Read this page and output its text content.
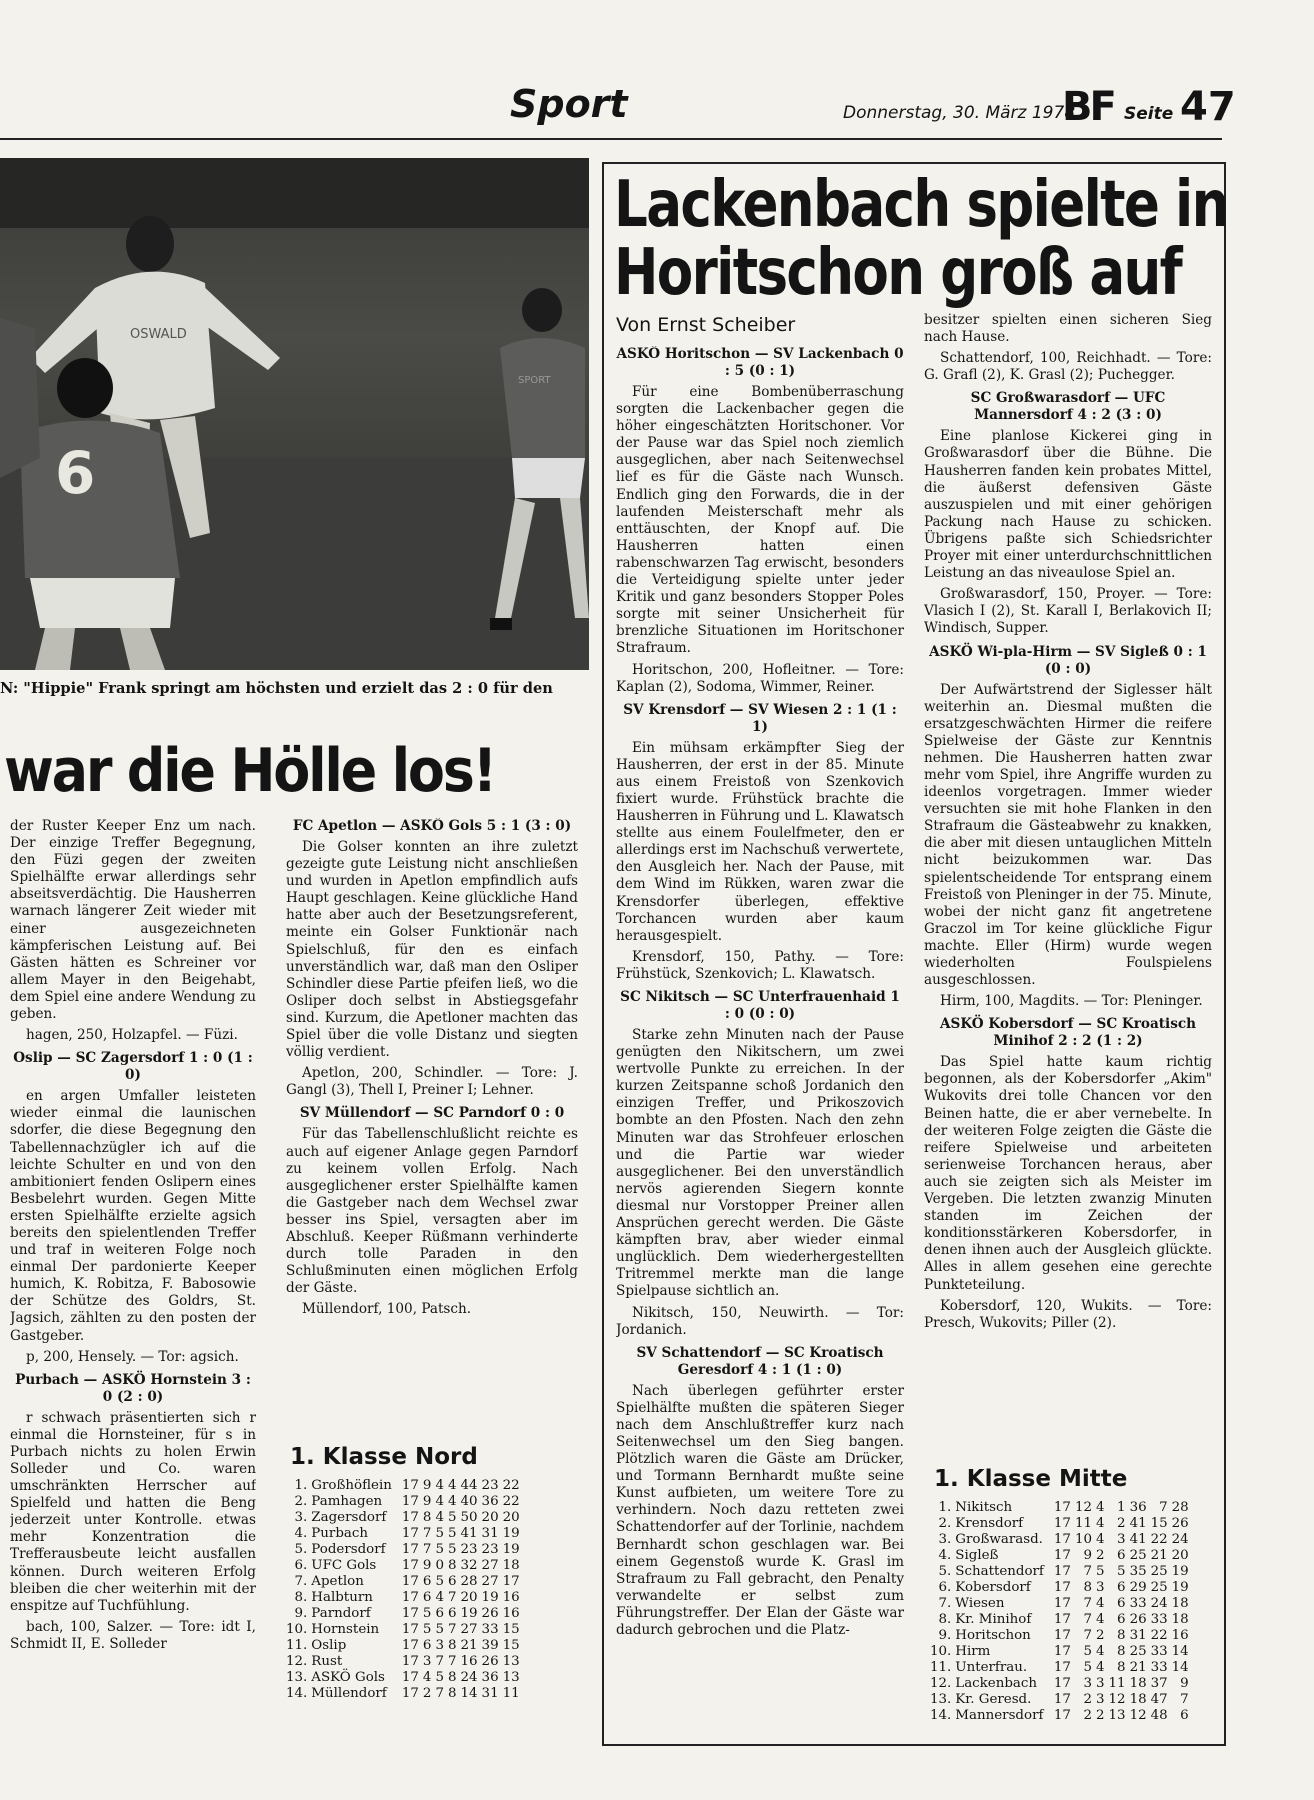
Sport	Donnerstag, 30. März 1978
BF Seite 47
OSWALD
6
SPORT
N: "Hippie" Frank springt am höchsten und erzielt das 2 : 0 für den
war die Hölle los!

der Ruster Keeper Enz um nach. Der einzige Treffer Begegnung, den Füzi gegen der zweiten Spielhälfte erwar allerdings sehr abseitsverdächtig. Die Hausherren warnach längerer Zeit wieder mit einer ausgezeichneten kämpferischen Leistung auf. Bei Gästen hätten es Schreiner vor allem Mayer in den Beigehabt, dem Spiel eine andere Wendung zu geben.

hagen, 250, Holzapfel. — Füzi.

Oslip — SC Zagersdorf 1 : 0 (1 : 0)

en argen Umfaller leisteten wieder einmal die launischen sdorfer, die diese Begegnung den Tabellennachzügler ich auf die leichte Schulter en und von den ambitioniert fenden Oslipern eines Besbelehrt wurden. Gegen Mitte ersten Spielhälfte erzielte agsich bereits den spielentlenden Treffer und traf in weiteren Folge noch einmal Der pardonierte Keeper humich, K. Robitza, F. Babosowie der Schütze des Goldrs, St. Jagsich, zählten zu den posten der Gastgeber.

p, 200, Hensely. — Tor: agsich.

Purbach — ASKÖ Hornstein 3 : 0 (2 : 0)

r schwach präsentierten sich r einmal die Hornsteiner, für s in Purbach nichts zu holen Erwin Solleder und Co. waren umschränkten Herrscher auf Spielfeld und hatten die Beng jederzeit unter Kontrolle. etwas mehr Konzentration die Trefferausbeute leicht ausfallen können. Durch weiteren Erfolg bleiben die cher weiterhin mit der enspitze auf Tuchfühlung.

bach, 100, Salzer. — Tore: idt I, Schmidt II, E. Solleder

FC Apetlon — ASKÖ Gols 5 : 1 (3 : 0)

Die Golser konnten an ihre zuletzt gezeigte gute Leistung nicht anschließen und wurden in Apetlon empfindlich aufs Haupt geschlagen. Keine glückliche Hand hatte aber auch der Besetzungsreferent, meinte ein Golser Funktionär nach Spielschluß, für den es einfach unverständlich war, daß man den Osliper Schindler diese Partie pfeifen ließ, wo die Osliper doch selbst in Abstiegsgefahr sind. Kurzum, die Apetloner machten das Spiel über die volle Distanz und siegten völlig verdient.

Apetlon, 200, Schindler. — Tore: J. Gangl (3), Thell I, Preiner I; Lehner.

SV Müllendorf — SC Parndorf 0 : 0

Für das Tabellenschlußlicht reichte es auch auf eigener Anlage gegen Parndorf zu keinem vollen Erfolg. Nach ausgeglichener erster Spielhälfte kamen die Gastgeber nach dem Wechsel zwar besser ins Spiel, versagten aber im Abschluß. Keeper Rüßmann verhinderte durch tolle Paraden in den Schlußminuten einen möglichen Erfolg der Gäste.

Müllendorf, 100, Patsch.

1. Klasse Nord
1.	Großhöflein	17	9	4	4	44	23	22
2.	Pamhagen	17	9	4	4	40	36	22
3.	Zagersdorf	17	8	4	5	50	20	20
4.	Purbach	17	7	5	5	41	31	19
5.	Podersdorf	17	7	5	5	23	23	19
6.	UFC Gols	17	9	0	8	32	27	18
7.	Apetlon	17	6	5	6	28	27	17
8.	Halbturn	17	6	4	7	20	19	16
9.	Parndorf	17	5	6	6	19	26	16
10.	Hornstein	17	5	5	7	27	33	15
11.	Oslip	17	6	3	8	21	39	15
12.	Rust	17	3	7	7	16	26	13
13.	ASKÖ Gols	17	4	5	8	24	36	13
14.	Müllendorf	17	2	7	8	14	31	11
Lackenbach spielte in
Horitschon groß auf
Von Ernst Scheiber
ASKÖ Horitschon — SV Lackenbach 0 : 5 (0 : 1)

Für eine Bombenüberraschung sorgten die Lackenbacher gegen die höher eingeschätzten Horitschoner. Vor der Pause war das Spiel noch ziemlich ausgeglichen, aber nach Seitenwechsel lief es für die Gäste nach Wunsch. Endlich ging den Forwards, die in der laufenden Meisterschaft mehr als enttäuschten, der Knopf auf. Die Hausherren hatten einen rabenschwarzen Tag erwischt, besonders die Verteidigung spielte unter jeder Kritik und ganz besonders Stopper Poles sorgte mit seiner Unsicherheit für brenzliche Situationen im Horitschoner Strafraum.

Horitschon, 200, Hofleitner. — Tore: Kaplan (2), Sodoma, Wimmer, Reiner.

SV Krensdorf — SV Wiesen 2 : 1 (1 : 1)

Ein mühsam erkämpfter Sieg der Hausherren, der erst in der 85. Minute aus einem Freistoß von Szenkovich fixiert wurde. Frühstück brachte die Hausherren in Führung und L. Klawatsch stellte aus einem Foulelfmeter, den er allerdings erst im Nachschuß verwertete, den Ausgleich her. Nach der Pause, mit dem Wind im Rükken, waren zwar die Krensdorfer überlegen, effektive Torchancen wurden aber kaum herausgespielt.

Krensdorf, 150, Pathy. — Tore: Frühstück, Szenkovich; L. Klawatsch.

SC Nikitsch — SC Unterfrauenhaid 1 : 0 (0 : 0)

Starke zehn Minuten nach der Pause genügten den Nikitschern, um zwei wertvolle Punkte zu erreichen. In der kurzen Zeitspanne schoß Jordanich den einzigen Treffer, und Prikoszovich bombte an den Pfosten. Nach den zehn Minuten war das Strohfeuer erloschen und die Partie war wieder ausgeglichener. Bei den unverständlich nervös agierenden Siegern konnte diesmal nur Vorstopper Preiner allen Ansprüchen gerecht werden. Die Gäste kämpften brav, aber wieder einmal unglücklich. Dem wiederhergestellten Tritremmel merkte man die lange Spielpause sichtlich an.

Nikitsch, 150, Neuwirth. — Tor: Jordanich.

SV Schattendorf — SC Kroatisch Geresdorf 4 : 1 (1 : 0)

Nach überlegen geführter erster Spielhälfte mußten die späteren Sieger nach dem Anschlußtreffer kurz nach Seitenwechsel um den Sieg bangen. Plötzlich waren die Gäste am Drücker, und Tormann Bernhardt mußte seine Kunst aufbieten, um weitere Tore zu verhindern. Noch dazu retteten zwei Schattendorfer auf der Torlinie, nachdem Bernhardt schon geschlagen war. Bei einem Gegenstoß wurde K. Grasl im Strafraum zu Fall gebracht, den Penalty verwandelte er selbst zum Führungstreffer. Der Elan der Gäste war dadurch gebrochen und die Platz-

besitzer spielten einen sicheren Sieg nach Hause.

Schattendorf, 100, Reichhadt. — Tore: G. Grafl (2), K. Grasl (2); Puchegger.

SC Großwarasdorf — UFC Mannersdorf 4 : 2 (3 : 0)

Eine planlose Kickerei ging in Großwarasdorf über die Bühne. Die Hausherren fanden kein probates Mittel, die äußerst defensiven Gäste auszuspielen und mit einer gehörigen Packung nach Hause zu schicken. Übrigens paßte sich Schiedsrichter Proyer mit einer unterdurchschnittlichen Leistung an das niveaulose Spiel an.

Großwarasdorf, 150, Proyer. — Tore: Vlasich I (2), St. Karall I, Berlakovich II; Windisch, Supper.

ASKÖ Wi-pla-Hirm — SV Sigleß 0 : 1 (0 : 0)

Der Aufwärtstrend der Siglesser hält weiterhin an. Diesmal mußten die ersatzgeschwächten Hirmer die reifere Spielweise der Gäste zur Kenntnis nehmen. Die Hausherren hatten zwar mehr vom Spiel, ihre Angriffe wurden zu ideenlos vorgetragen. Immer wieder versuchten sie mit hohe Flanken in den Strafraum die Gästeabwehr zu knakken, die aber mit diesen untauglichen Mitteln nicht beizukommen war. Das spielentscheidende Tor entsprang einem Freistoß von Pleninger in der 75. Minute, wobei der nicht ganz fit angetretene Graczol im Tor keine glückliche Figur machte. Eller (Hirm) wurde wegen wiederholten Foulspielens ausgeschlossen.

Hirm, 100, Magdits. — Tor: Pleninger.

ASKÖ Kobersdorf — SC Kroatisch Minihof 2 : 2 (1 : 2)

Das Spiel hatte kaum richtig begonnen, als der Kobersdorfer „Akim" Wukovits drei tolle Chancen vor den Beinen hatte, die er aber vernebelte. In der weiteren Folge zeigten die Gäste die reifere Spielweise und arbeiteten serienweise Torchancen heraus, aber auch sie zeigten sich als Meister im Vergeben. Die letzten zwanzig Minuten standen im Zeichen der konditionsstärkeren Kobersdorfer, in denen ihnen auch der Ausgleich glückte. Alles in allem gesehen eine gerechte Punkteteilung.

Kobersdorf, 120, Wukits. — Tore: Presch, Wukovits; Piller (2).

1. Klasse Mitte
1.	Nikitsch	17	12	4	1	36	7	28
2.	Krensdorf	17	11	4	2	41	15	26
3.	Großwarasd.	17	10	4	3	41	22	24
4.	Sigleß	17	9	2	6	25	21	20
5.	Schattendorf	17	7	5	5	35	25	19
6.	Kobersdorf	17	8	3	6	29	25	19
7.	Wiesen	17	7	4	6	33	24	18
8.	Kr. Minihof	17	7	4	6	26	33	18
9.	Horitschon	17	7	2	8	31	22	16
10.	Hirm	17	5	4	8	25	33	14
11.	Unterfrau.	17	5	4	8	21	33	14
12.	Lackenbach	17	3	3	11	18	37	9
13.	Kr. Geresd.	17	2	3	12	18	47	7
14.	Mannersdorf	17	2	2	13	12	48	6
